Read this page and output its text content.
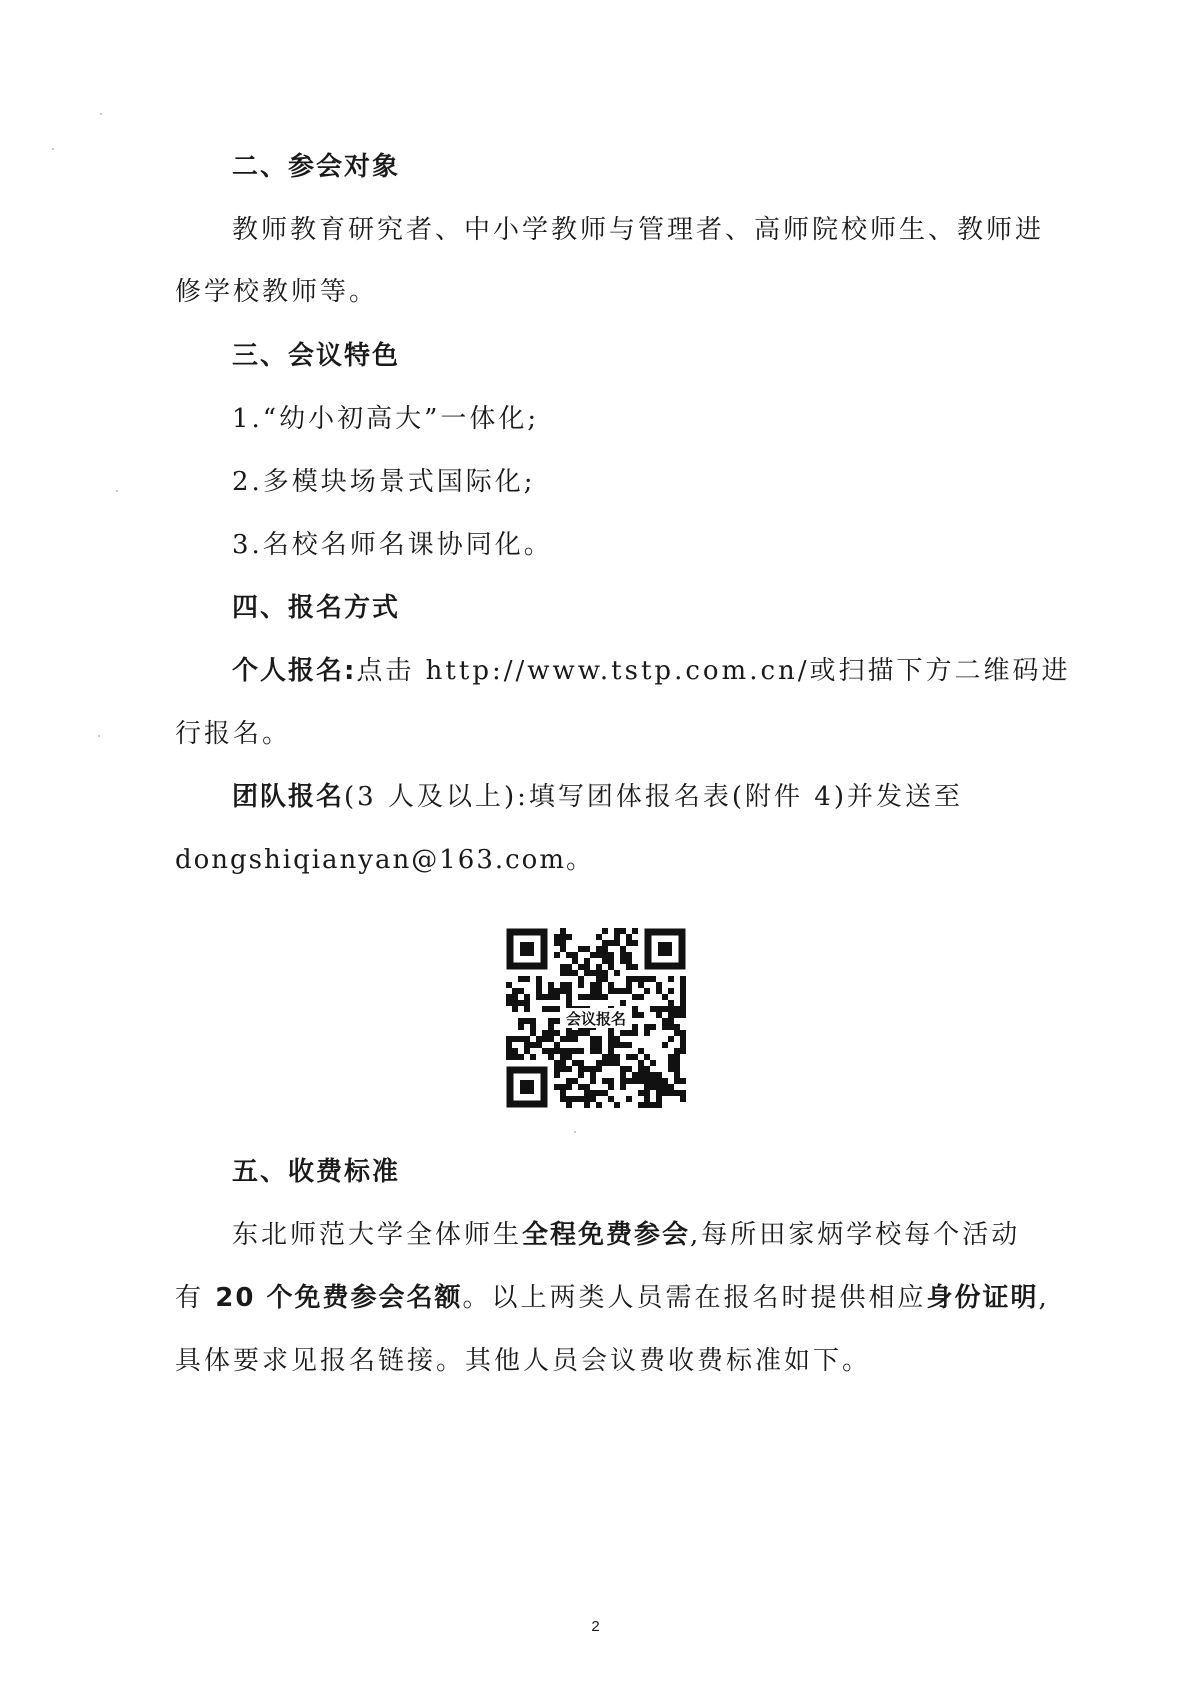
二、参会对象
教师教育研究者、中小学教师与管理者、高师院校师生、教师进
修学校教师等。
三、会议特色
1.“幼小初高大”一体化;
2.多模块场景式国际化;
3.名校名师名课协同化。
四、报名方式
个人报名:点击 http://www.tstp.com.cn/或扫描下方二维码进
行报名。
团队报名(3 人及以上):填写团体报名表(附件 4)并发送至
dongshiqianyan@163.com。
会议报名
五、收费标准
东北师范大学全体师生全程免费参会,每所田家炳学校每个活动
有 20 个免费参会名额。以上两类人员需在报名时提供相应身份证明,
具体要求见报名链接。其他人员会议费收费标准如下。
2
